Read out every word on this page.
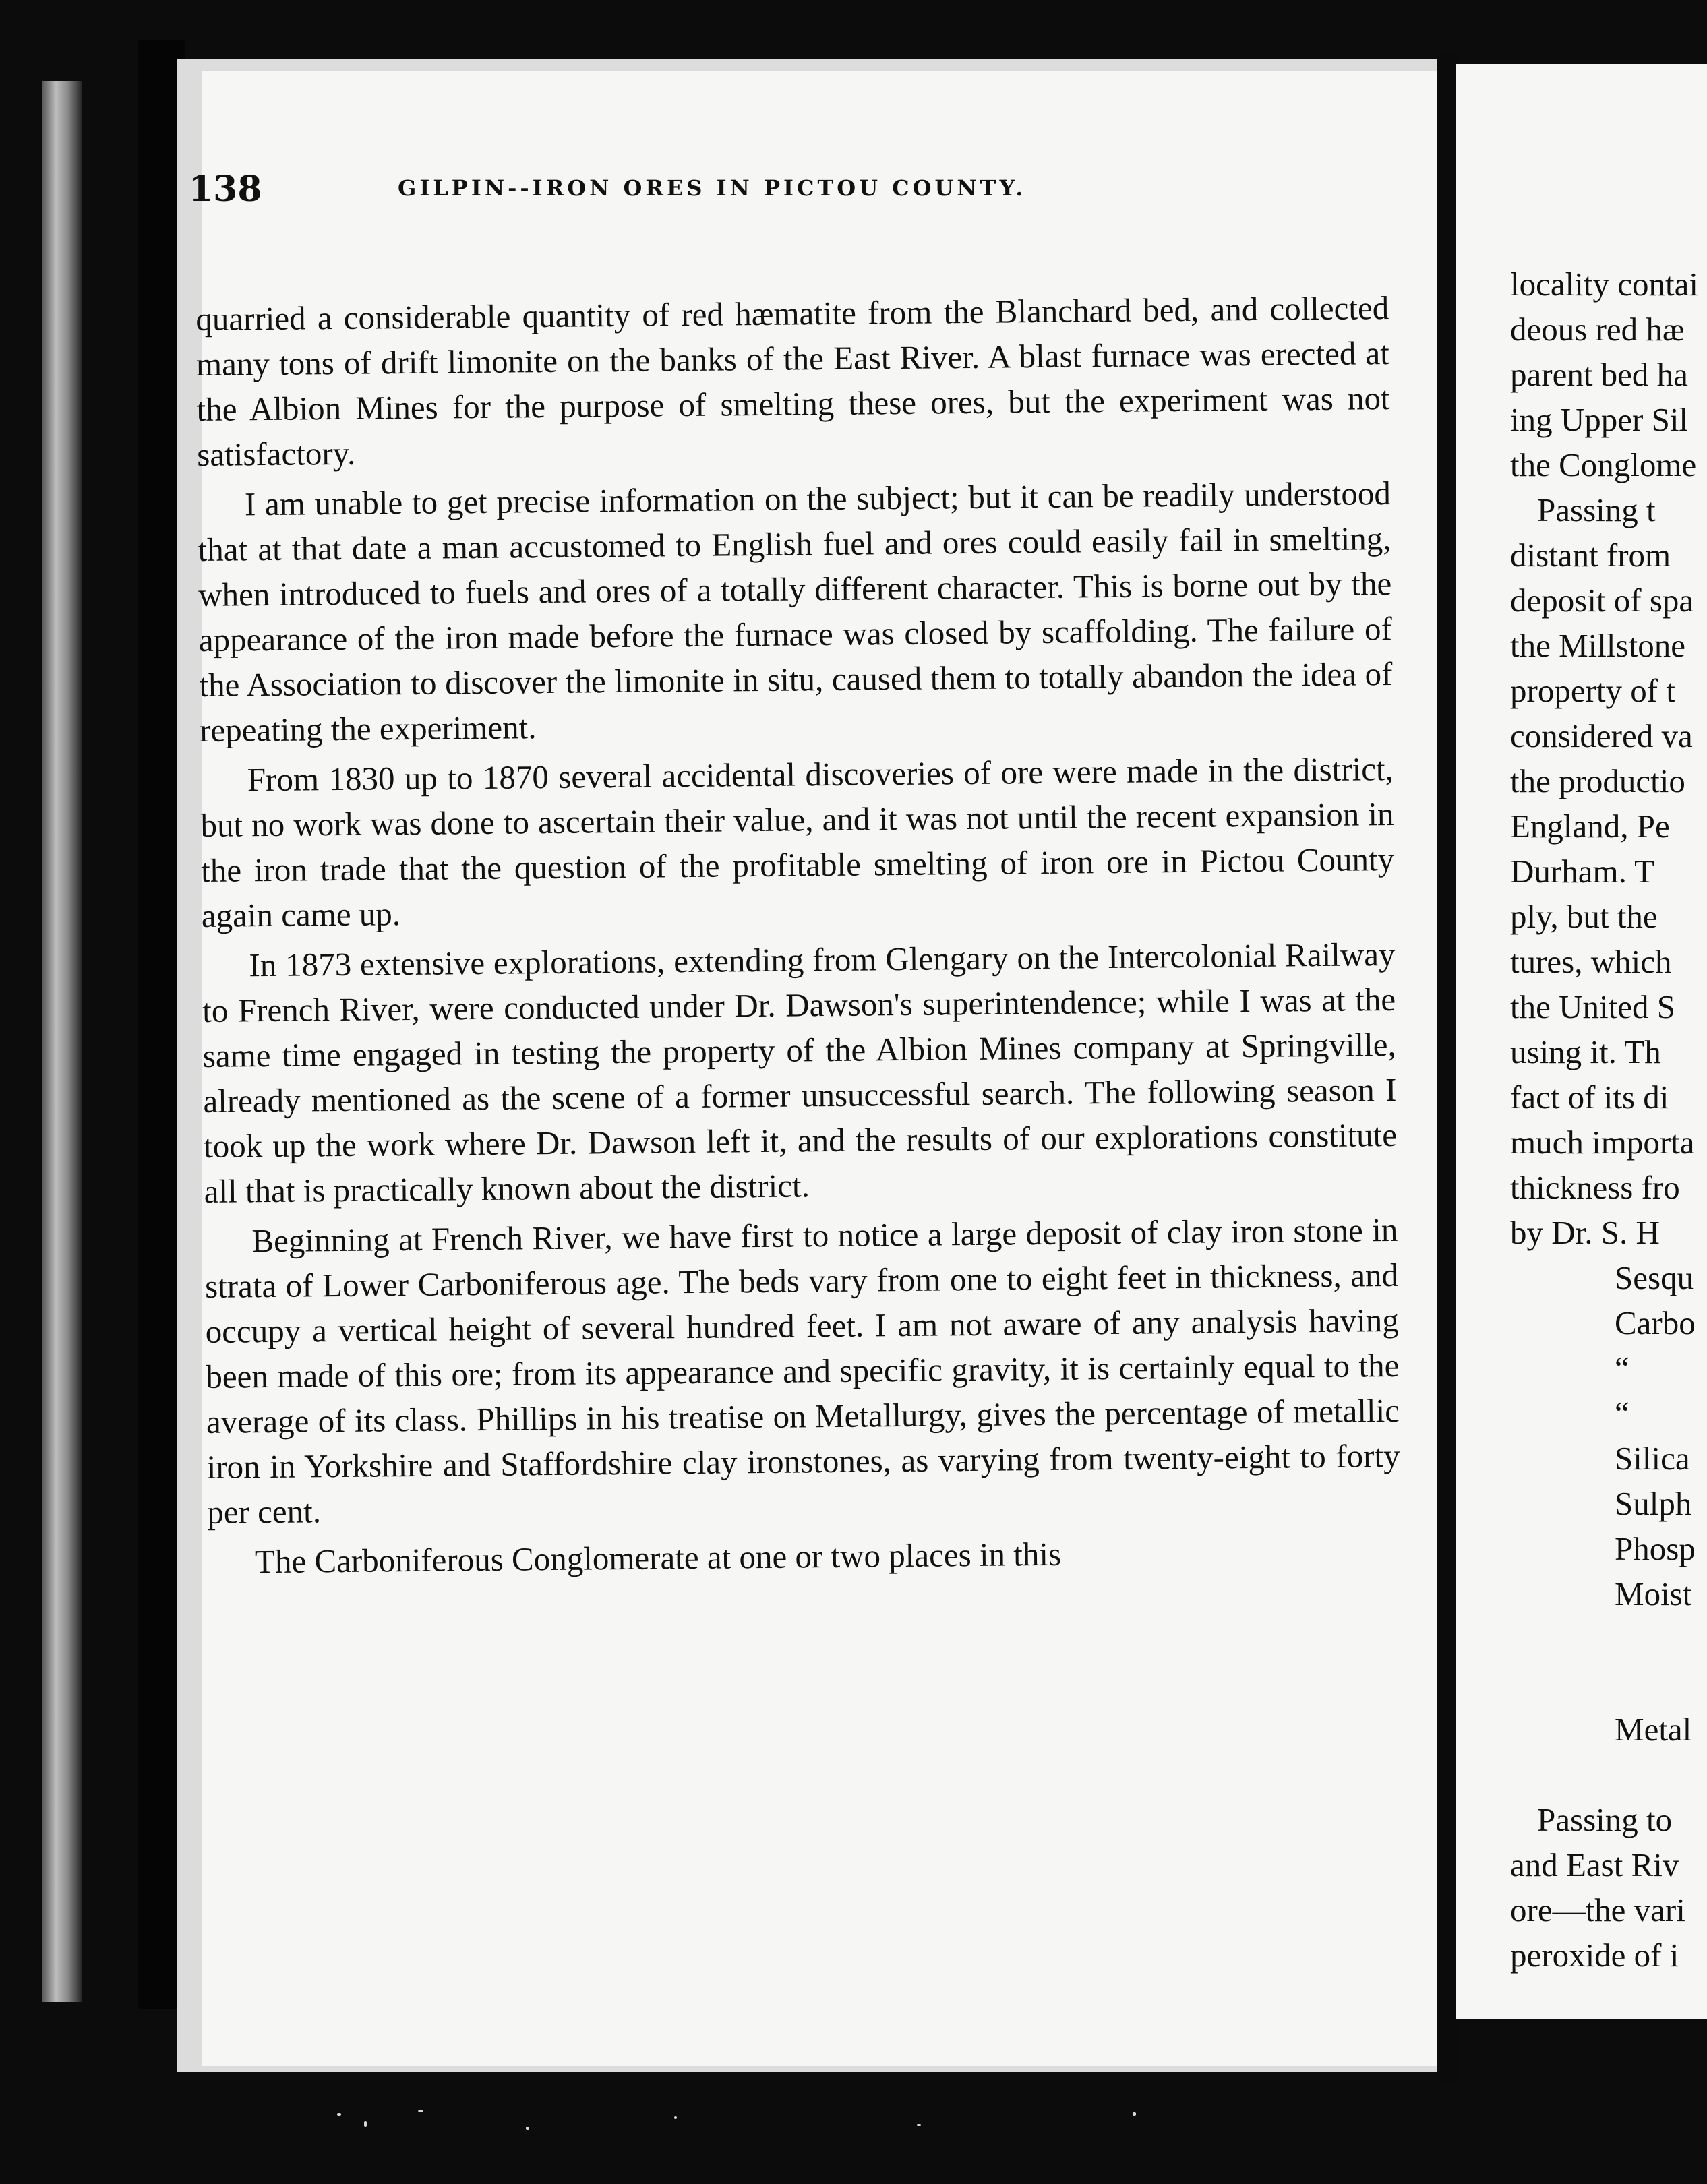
138	GILPIN--IRON ORES IN PICTOU COUNTY.

quarried a considerable quantity of red hæmatite from the Blanchard bed, and collected many tons of drift limonite on the banks of the East River. A blast furnace was erected at the Albion Mines for the purpose of smelting these ores, but the experiment was not satisfactory.

I am unable to get precise information on the subject; but it can be readily understood that at that date a man accustomed to English fuel and ores could easily fail in smelting, when introduced to fuels and ores of a totally different character. This is borne out by the appearance of the iron made before the furnace was closed by scaffolding. The failure of the Association to discover the limonite in situ, caused them to totally abandon the idea of repeating the experiment.

From 1830 up to 1870 several accidental discoveries of ore were made in the district, but no work was done to ascertain their value, and it was not until the recent expansion in the iron trade that the question of the profitable smelting of iron ore in Pictou County again came up.

In 1873 extensive explorations, extending from Glengary on the Intercolonial Railway to French River, were conducted under Dr. Dawson's superintendence; while I was at the same time engaged in testing the property of the Albion Mines company at Springville, already mentioned as the scene of a former unsuccessful search. The following season I took up the work where Dr. Dawson left it, and the results of our explorations constitute all that is practically known about the district.

Beginning at French River, we have first to notice a large deposit of clay iron stone in strata of Lower Carboniferous age. The beds vary from one to eight feet in thickness, and occupy a vertical height of several hundred feet. I am not aware of any analysis having been made of this ore; from its appearance and specific gravity, it is certainly equal to the average of its class. Phillips in his treatise on Metallurgy, gives the percentage of metallic iron in Yorkshire and Staffordshire clay ironstones, as varying from twenty-eight to forty per cent.

The Carboniferous Conglomerate at one or two places in this

locality contai
deous red hæ
parent bed ha
ing Upper Sil
the Conglome
Passing t
distant from
deposit of spa
the Millstone
property of t
considered va
the productio
England, Pe
Durham. T
ply, but the
tures, which
the United S
using it. Th
fact of its di
much importa
thickness fro
by Dr. S. H
Sesqu
Carbo
“
“
Silica
Sulph
Phosp
Moist
Metal
Passing to
and East Riv
ore—the vari
peroxide of i
